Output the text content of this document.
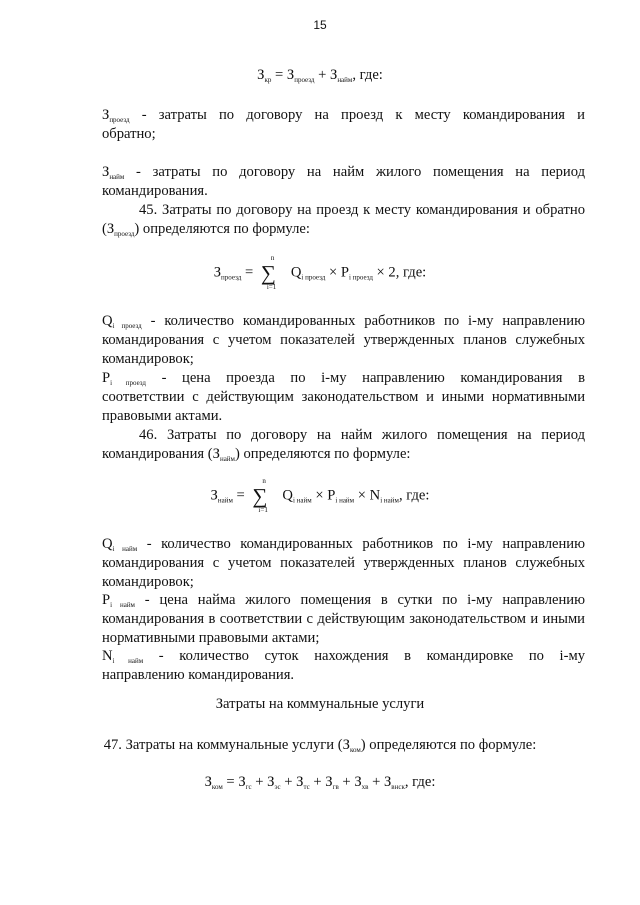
15
$З_{кр} = З_{проезд} + З_{найм}$, где:
$З_{проезд}$ - затраты по договору на проезд к месту командирования и
обратно;
$З_{найм}$ - затраты по договору на найм жилого помещения на период
командирования.
45. Затраты по договору на проезд к месту командирования и обратно
$(З_{проезд})$ определяются по формуле:
$З_{проезд}$ =
n
∑
i=1
$Q_{i проезд} \times P_{i проезд} \times 2$, где:
$Q_{i проезд}$ - количество командированных работников по i-му направлению
командирования с учетом показателей утвержденных планов служебных
командировок;
$P_{i проезд}$ - цена проезда по i-му направлению командирования в
соответствии с действующим законодательством и иными нормативными
правовыми актами.
46. Затраты по договору на найм жилого помещения на период
командирования $(З_{найм})$ определяются по формуле:
$З_{найм}$ =
n
∑
i=1
$Q_{i найм} \times P_{i найм} \times N_{i найм}$, где:
$Q_{i найм}$ - количество командированных работников по i-му направлению
командирования с учетом показателей утвержденных планов служебных
командировок;
$P_{i найм}$ - цена найма жилого помещения в сутки по i-му направлению
командирования в соответствии с действующим законодательством и иными
нормативными правовыми актами;
$N_{i найм}$ - количество суток нахождения в командировке по i-му
направлению командирования.
Затраты на коммунальные услуги
47. Затраты на коммунальные услуги $(З_{ком})$ определяются по формуле:
$З_{ком} = З_{гс} + З_{эс} + З_{тс} + З_{гв} + З_{хв} + З_{внск}$, где:
